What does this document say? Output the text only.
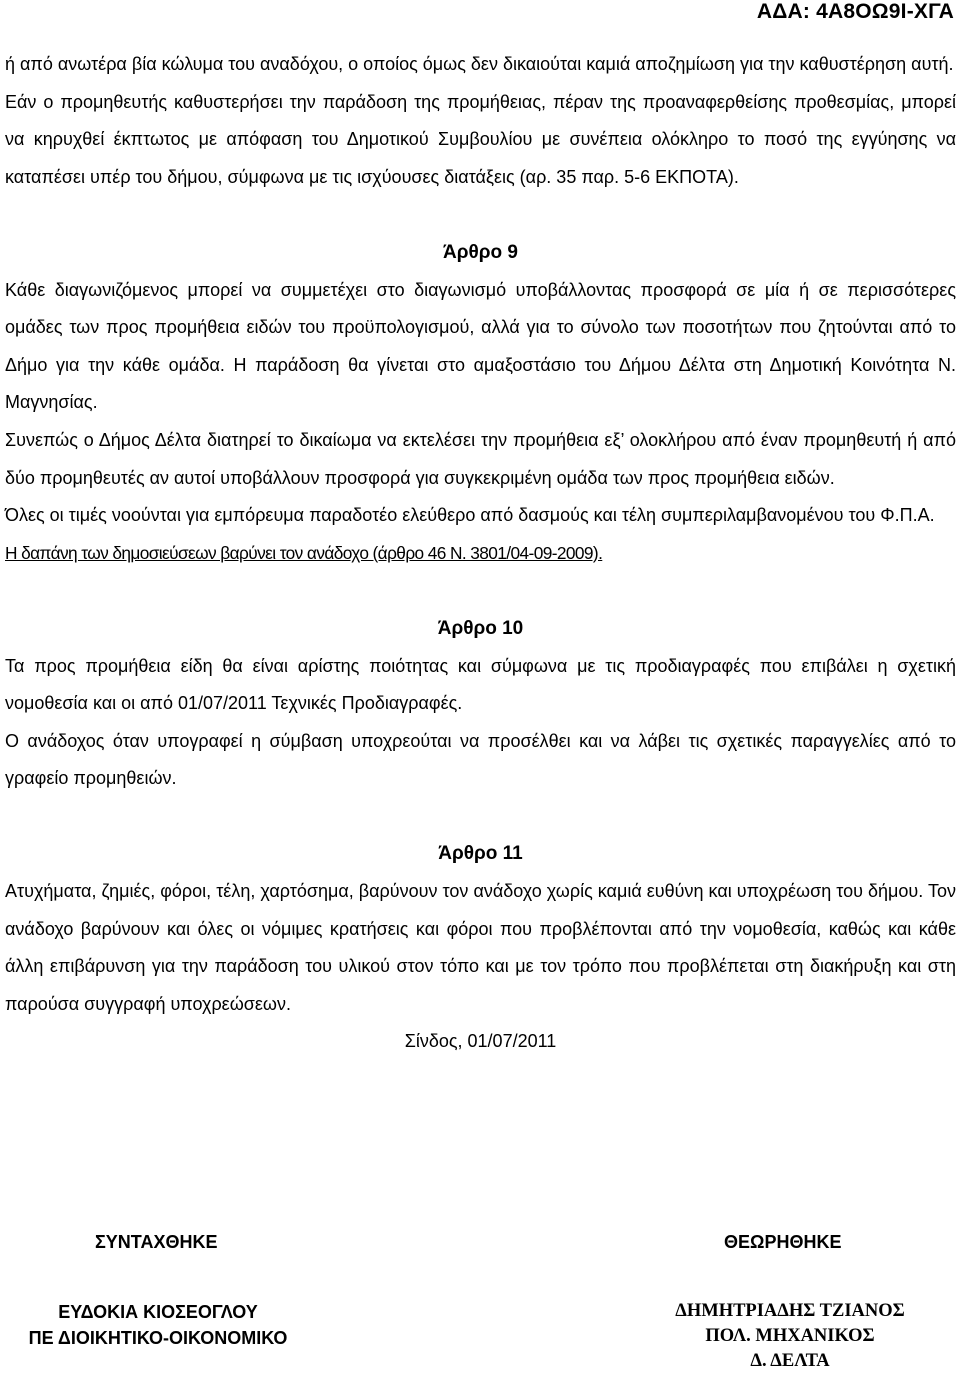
ΑΔΑ: 4Α8ΟΩ9Ι-ΧΓΑ

ή από ανωτέρα βία κώλυμα του αναδόχου, ο οποίος όμως δεν δικαιούται καμιά αποζημίωση για την καθυστέρηση αυτή.

Εάν ο προμηθευτής καθυστερήσει την παράδοση της προμήθειας, πέραν της προαναφερθείσης προθεσμίας, μπορεί να κηρυχθεί έκπτωτος με απόφαση του Δημοτικού Συμβουλίου με συνέπεια ολόκληρο το ποσό της εγγύησης να καταπέσει υπέρ του δήμου, σύμφωνα με τις ισχύουσες διατάξεις (αρ. 35 παρ. 5-6 ΕΚΠΟΤΑ).

Άρθρο 9

Κάθε διαγωνιζόμενος μπορεί να συμμετέχει στο διαγωνισμό υποβάλλοντας προσφορά σε μία ή σε περισσότερες ομάδες των προς προμήθεια ειδών του προϋπολογισμού, αλλά για το σύνολο των ποσοτήτων που ζητούνται από το Δήμο για την κάθε ομάδα. Η παράδοση θα γίνεται στο αμαξοστάσιο του Δήμου Δέλτα στη Δημοτική Κοινότητα Ν. Μαγνησίας.

Συνεπώς ο Δήμος Δέλτα διατηρεί το δικαίωμα να εκτελέσει την προμήθεια εξ’ ολοκλήρου από έναν προμηθευτή ή από δύο προμηθευτές αν αυτοί υποβάλλουν προσφορά για συγκεκριμένη ομάδα των προς προμήθεια ειδών.

Όλες οι τιμές νοούνται για εμπόρευμα παραδοτέο ελεύθερο από δασμούς και τέλη συμπεριλαμβανομένου του Φ.Π.Α.

Η δαπάνη των δημοσιεύσεων βαρύνει τον ανάδοχο (άρθρο 46 Ν. 3801/04-09-2009).

Άρθρο 10

Τα προς προμήθεια είδη θα είναι αρίστης ποιότητας και σύμφωνα με τις προδιαγραφές που επιβάλει η σχετική νομοθεσία και οι από 01/07/2011 Τεχνικές Προδιαγραφές.

Ο ανάδοχος όταν υπογραφεί η σύμβαση υποχρεούται να προσέλθει και να λάβει τις σχετικές παραγγελίες από το γραφείο προμηθειών.

Άρθρο 11

Ατυχήματα, ζημιές, φόροι, τέλη, χαρτόσημα, βαρύνουν τον ανάδοχο χωρίς καμιά ευθύνη και υποχρέωση του δήμου. Τον ανάδοχο βαρύνουν και όλες οι νόμιμες κρατήσεις και φόροι που προβλέπονται από την νομοθεσία, καθώς και κάθε άλλη επιβάρυνση για την παράδοση του υλικού στον τόπο και με τον τρόπο που προβλέπεται στη διακήρυξη και στη παρούσα συγγραφή υποχρεώσεων.

Σίνδος, 01/07/2011

ΣΥΝΤΑΧΘΗΚΕ	ΘΕΩΡΗΘΗΚΕ
ΕΥΔΟΚΙΑ ΚΙΟΣΕΟΓΛΟΥ
ΠΕ ΔΙΟΙΚΗΤΙΚΟ-ΟΙΚΟΝΟΜΙΚΟ
ΔΗΜΗΤΡΙΑΔΗΣ ΤΖΙΑΝΟΣ
ΠΟΛ. ΜΗΧΑΝΙΚΟΣ
Δ. ΔΕΛΤΑ
